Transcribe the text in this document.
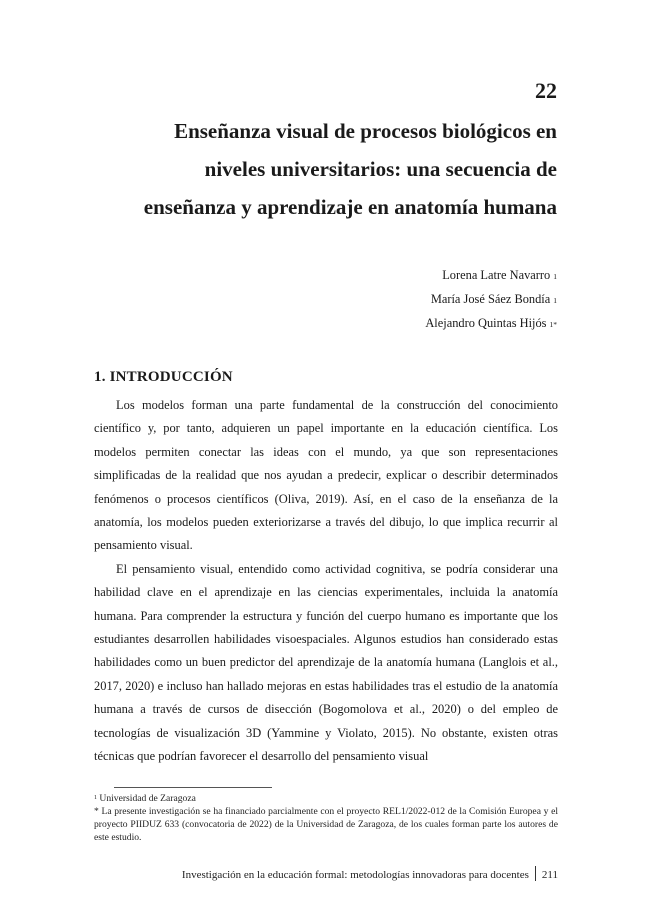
22
Enseñanza visual de procesos biológicos en
niveles universitarios: una secuencia de
enseñanza y aprendizaje en anatomía humana
Lorena Latre Navarro 1
María José Sáez Bondía 1
Alejandro Quintas Hijós 1*
1. INTRODUCCIÓN

Los modelos forman una parte fundamental de la construcción del conocimiento científico y, por tanto, adquieren un papel importante en la educación científica. Los modelos permiten conectar las ideas con el mundo, ya que son representaciones simplificadas de la realidad que nos ayudan a predecir, explicar o describir determinados fenómenos o procesos científicos (Oliva, 2019). Así, en el caso de la enseñanza de la anatomía, los modelos pueden exteriorizarse a través del dibujo, lo que implica recurrir al pensamiento visual.

El pensamiento visual, entendido como actividad cognitiva, se podría considerar una habilidad clave en el aprendizaje en las ciencias experimentales, incluida la anatomía humana. Para comprender la estructura y función del cuerpo humano es importante que los estudiantes desarrollen habilidades visoespaciales. Algunos estudios han considerado estas habilidades como un buen predictor del aprendizaje de la anatomía humana (Langlois et al., 2017, 2020) e incluso han hallado mejoras en estas habilidades tras el estudio de la anatomía humana a través de cursos de disección (Bogomolova et al., 2020) o del empleo de tecnologías de visualización 3D (Yammine y Violato, 2015). No obstante, existen otras técnicas que podrían favorecer el desarrollo del pensamiento visual

$^1$ Universidad de Zaragoza

* La presente investigación se ha financiado parcialmente con el proyecto REL1/2022-012 de la Comisión Europea y el proyecto PIIDUZ 633 (convocatoria de 2022) de la Universidad de Zaragoza, de los cuales forman parte los autores de este estudio.

Investigación en la educación formal: metodologías innovadoras para docentes 211
